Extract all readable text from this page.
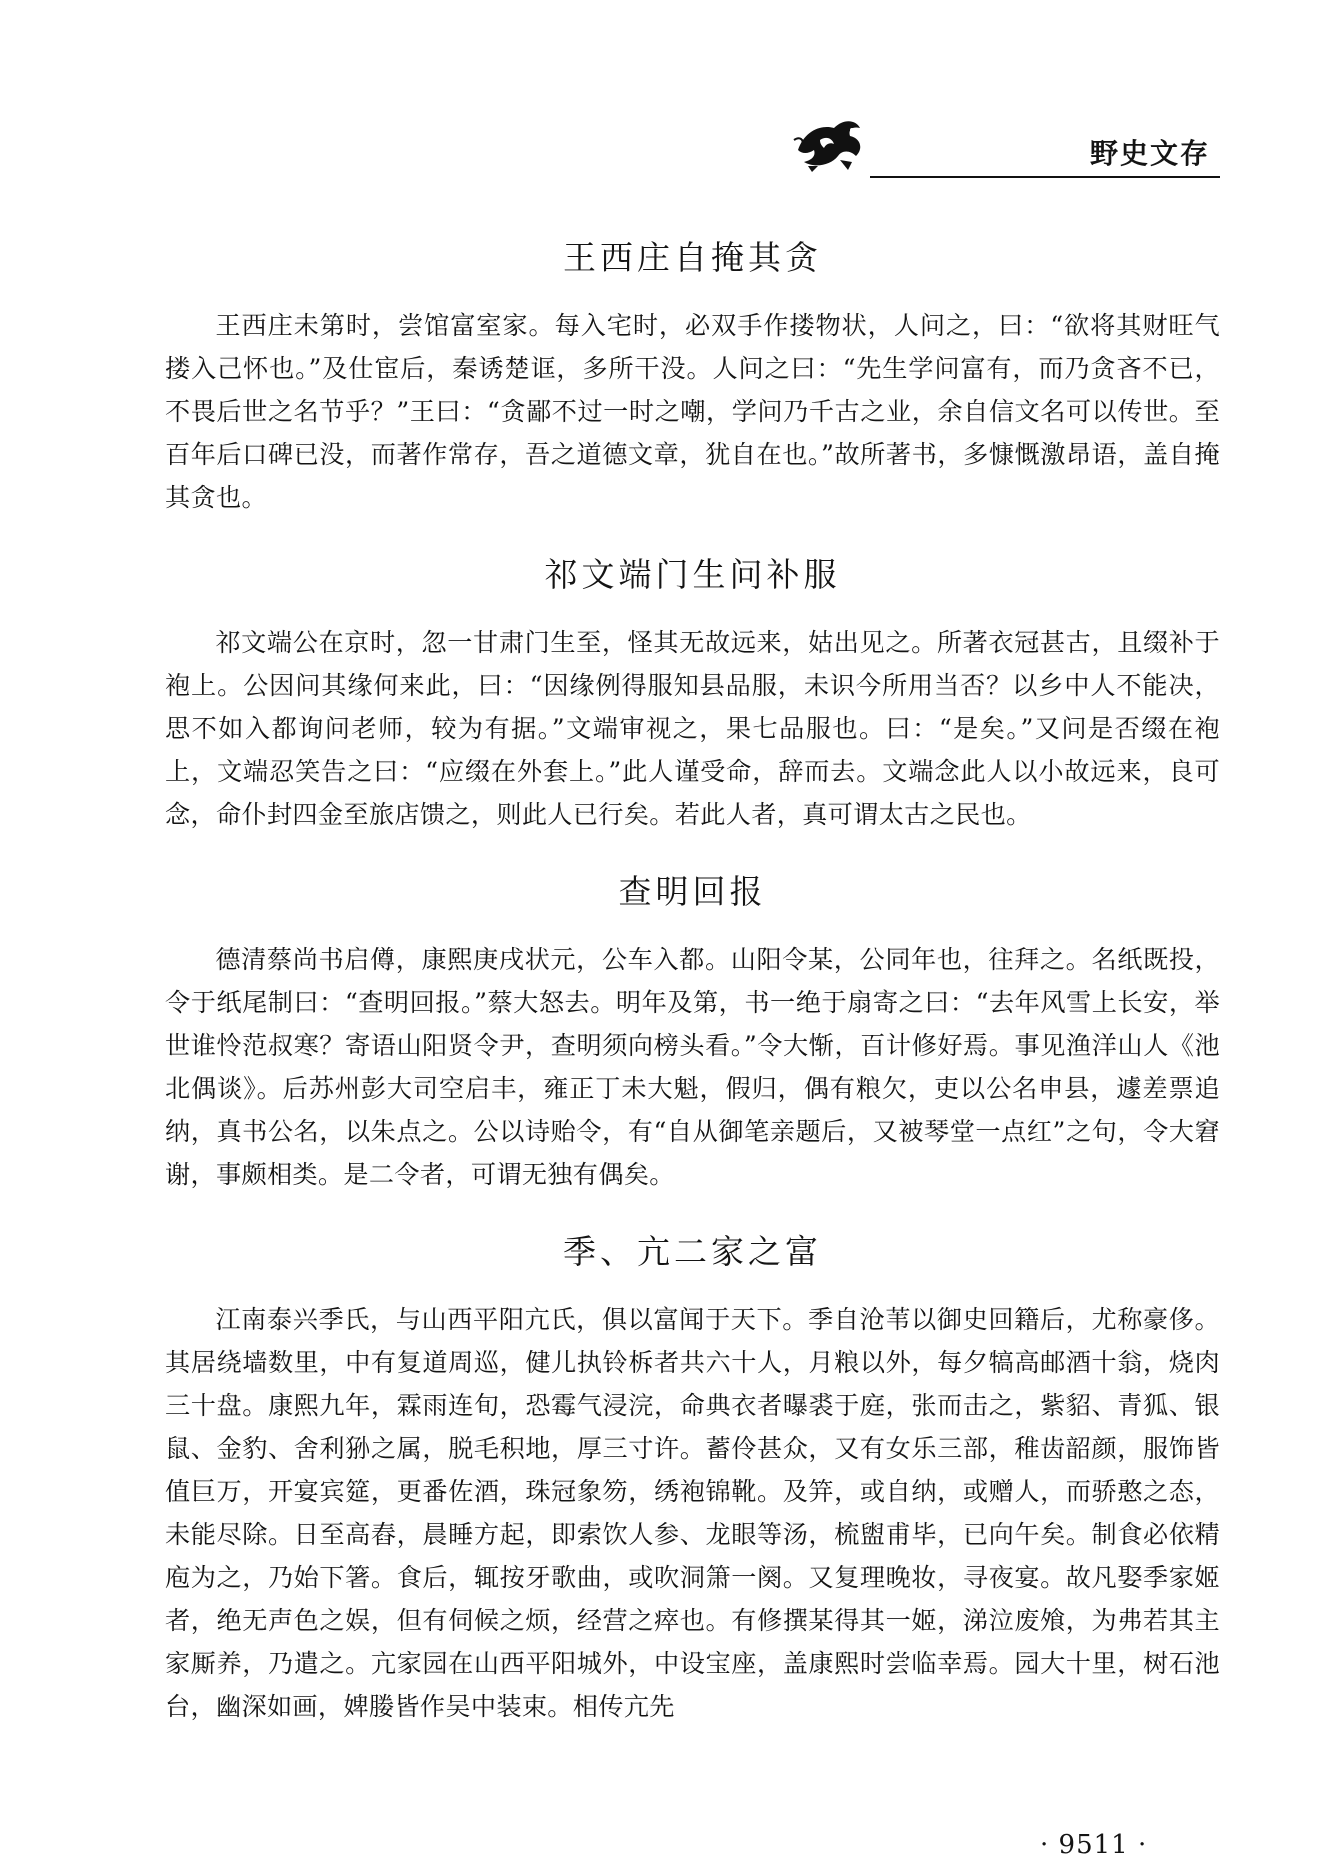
野史文存
王西庄自掩其贪

王西庄未第时，尝馆富室家。每入宅时，必双手作搂物状，人问之，曰：“欲将其财旺气搂入己怀也。”及仕宦后，秦诱楚诓，多所干没。人问之曰：“先生学问富有，而乃贪吝不已，不畏后世之名节乎？”王曰：“贪鄙不过一时之嘲，学问乃千古之业，余自信文名可以传世。至百年后口碑已没，而著作常存，吾之道德文章，犹自在也。”故所著书，多慷慨激昂语，盖自掩其贪也。

祁文端门生问补服

祁文端公在京时，忽一甘肃门生至，怪其无故远来，姑出见之。所著衣冠甚古，且缀补于袍上。公因问其缘何来此，曰：“因缘例得服知县品服，未识今所用当否？以乡中人不能决，思不如入都询问老师，较为有据。”文端审视之，果七品服也。曰：“是矣。”又问是否缀在袍上，文端忍笑告之曰：“应缀在外套上。”此人谨受命，辞而去。文端念此人以小故远来，良可念，命仆封四金至旅店馈之，则此人已行矣。若此人者，真可谓太古之民也。

查明回报

德清蔡尚书启僔，康熙庚戌状元，公车入都。山阳令某，公同年也，往拜之。名纸既投，令于纸尾制曰：“查明回报。”蔡大怒去。明年及第，书一绝于扇寄之曰：“去年风雪上长安，举世谁怜范叔寒？寄语山阳贤令尹，查明须向榜头看。”令大惭，百计修好焉。事见渔洋山人《池北偶谈》。后苏州彭大司空启丰，雍正丁未大魁，假归，偶有粮欠，吏以公名申县，遽差票追纳，真书公名，以朱点之。公以诗贻令，有“自从御笔亲题后，又被琴堂一点红”之句，令大窘谢，事颇相类。是二令者，可谓无独有偶矣。

季、亢二家之富

江南泰兴季氏，与山西平阳亢氏，俱以富闻于天下。季自沧苇以御史回籍后，尤称豪侈。其居绕墙数里，中有复道周巡，健儿执铃柝者共六十人，月粮以外，每夕犒高邮酒十翁，烧肉三十盘。康熙九年，霖雨连旬，恐霉气浸浣，命典衣者曝裘于庭，张而击之，紫貂、青狐、银鼠、金豹、舍利狲之属，脱毛积地，厚三寸许。蓄伶甚众，又有女乐三部，稚齿韶颜，服饰皆值巨万，开宴宾筵，更番佐酒，珠冠象笏，绣袍锦靴。及笄，或自纳，或赠人，而骄憨之态，未能尽除。日至高舂，晨睡方起，即索饮人参、龙眼等汤，梳盥甫毕，已向午矣。制食必依精庖为之，乃始下箸。食后，辄按牙歌曲，或吹洞箫一阕。又复理晚妆，寻夜宴。故凡娶季家姬者，绝无声色之娱，但有伺候之烦，经营之瘁也。有修撰某得其一姬，涕泣废飧，为弗若其主家厮养，乃遣之。亢家园在山西平阳城外，中设宝座，盖康熙时尝临幸焉。园大十里，树石池台，幽深如画，婢媵皆作吴中装束。相传亢先

· 9511 ·
